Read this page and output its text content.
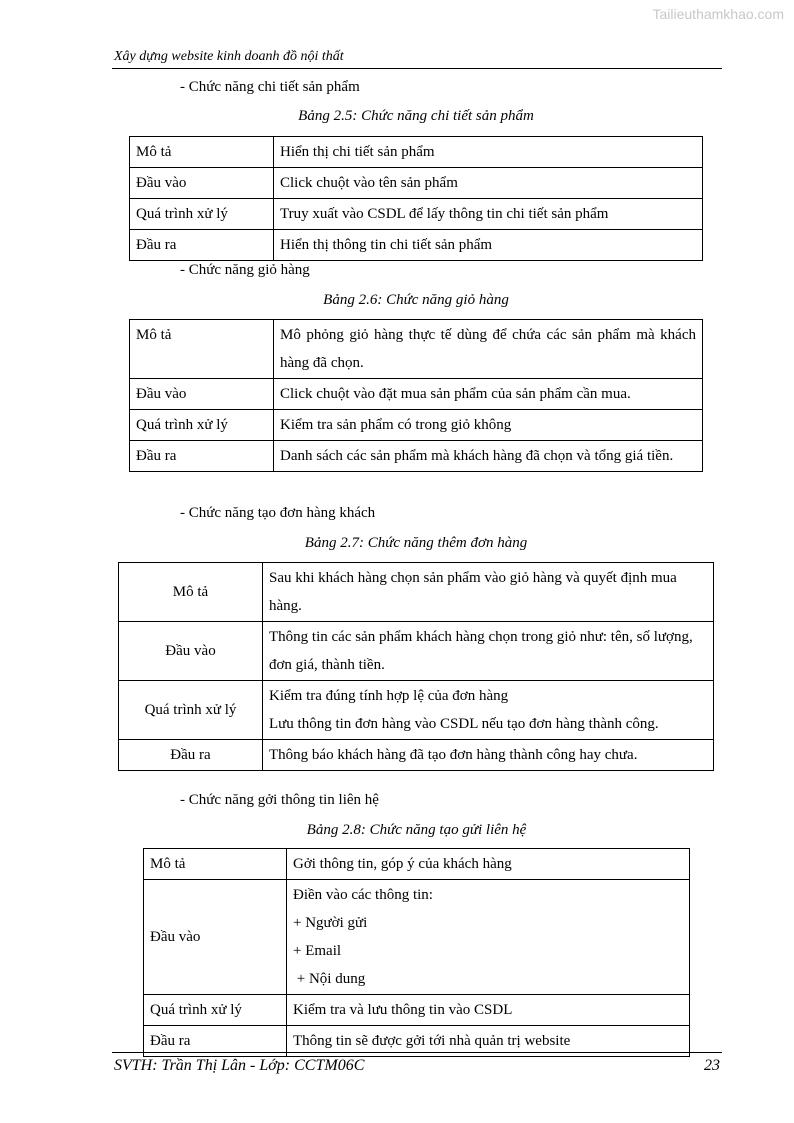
Tailieuthamkhao.com
Xây dựng website kinh doanh đồ nội thất
- Chức năng chi tiết sản phẩm
Bảng 2.5: Chức năng chi tiết sản phẩm
Mô tả	Hiển thị chi tiết sản phẩm

Đầu vào	Click chuột vào tên sản phẩm

Quá trình xử lý	Truy xuất vào CSDL để lấy thông tin chi tiết sản phẩm

Đầu ra	Hiển thị thông tin chi tiết sản phẩm
- Chức năng giỏ hàng
Bảng 2.6: Chức năng giỏ hàng
Mô tả	Mô phỏng giỏ hàng thực tế dùng để chứa các sản phẩm mà khách hàng đã chọn.

Đầu vào	Click chuột vào đặt mua sản phẩm của sản phẩm cần mua.

Quá trình xử lý	Kiểm tra sản phẩm có trong giỏ không

Đầu ra	Danh sách các sản phẩm mà khách hàng đã chọn và tổng giá tiền.
- Chức năng tạo đơn hàng khách
Bảng 2.7: Chức năng thêm đơn hàng
Mô tả	Sau khi khách hàng chọn sản phẩm vào giỏ hàng và quyết định mua hàng.

Đầu vào	Thông tin các sản phẩm khách hàng chọn trong giỏ như: tên, số lượng, đơn giá, thành tiền.

Quá trình xử lý	Kiểm tra đúng tính hợp lệ của đơn hàng
Lưu thông tin đơn hàng vào CSDL nếu tạo đơn hàng thành công.

Đầu ra	Thông báo khách hàng đã tạo đơn hàng thành công hay chưa.
- Chức năng gởi thông tin liên hệ
Bảng 2.8: Chức năng tạo gửi liên hệ
Mô tả	Gởi thông tin, góp ý của khách hàng

Đầu vào	Điền vào các thông tin:
+ Người gửi
+ Email
+ Nội dung

Quá trình xử lý	Kiểm tra và lưu thông tin vào CSDL

Đầu ra	Thông tin sẽ được gởi tới nhà quản trị website
SVTH: Trần Thị Lân - Lớp: CCTM06C	23
